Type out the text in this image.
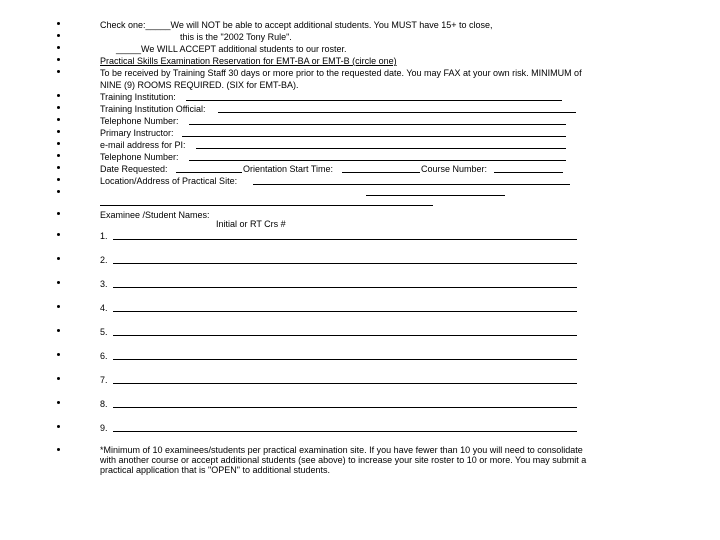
Check one:_____We will NOT be able to accept additional students. You MUST have 15+ to close,
this is the "2002 Tony Rule".
_____We WILL ACCEPT additional students to our roster.
Practical Skills Examination Reservation for EMT-BA or EMT-B (circle one)
To be received by Training Staff 30 days or more prior to the requested date. You may FAX at your own risk. MINIMUM of
NINE (9) ROOMS REQUIRED. (SIX for EMT-BA).
Training Institution:
Training Institution Official:
Telephone Number:
Primary Instructor:
e-mail address for PI:
Telephone Number:
Date Requested:	Orientation Start Time:	Course Number:
Location/Address of Practical Site:
Examinee /Student Names:
Initial or RT Crs #
1.
2.
3.
4.
5.
6.
7.
8.
9.
*Minimum of 10 examinees/students per practical examination site. If you have fewer than 10 you will need to consolidate
with another course or accept additional students (see above) to increase your site roster to 10 or more. You may submit a
practical application that is "OPEN" to additional students.
